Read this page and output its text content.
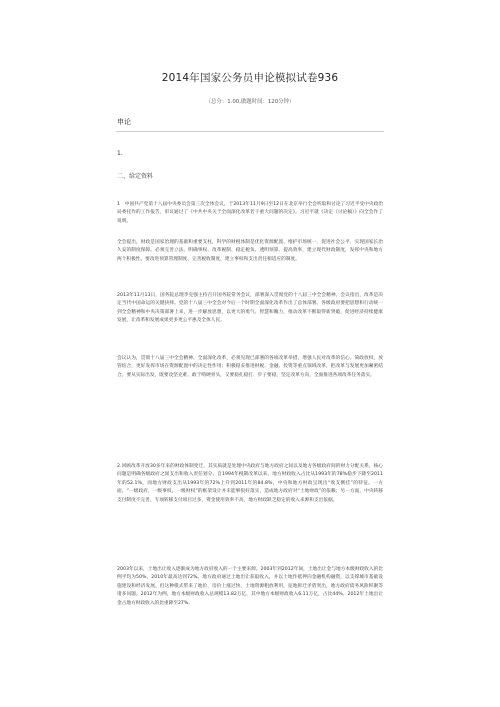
2014年国家公务员申论模拟试卷936
（总分：1.00,做题时间：120分钟）
申论
1.
二、给定资料

1　中国共产党第十八届中央委员会第三次全体会议，于2013年11月9日至12日在北京举行全会听取和讨论了习近平受中央政治局委托作的工作报告，审议通过了《中共中央关于全面深化改革若干重大问题的决定》。习近平就《决定（讨论稿）》向全会作了说明。

全会提出，财政是国家治理的基础和重要支柱，科学的财税体制是优化资源配置、维护市场统一、促进社会公平、实现国家长治久安的制度保障。必须完善立法、明确事权、改革税制、稳定税负、透明预算、提高效率，建立现代财政制度，发挥中央和地方两个积极性。要改进预算管理制度，完善税收制度，建立事权和支出责任相适应的制度。

2013年11月13日，国务院总理李克强主持召开国务院常务会议，部署深入贯彻党的十八届三中全会精神。会议指出，改革是决定当代中国命运的关键抉择。党的十八届三中全会对今后一个时期全面深化改革作出了总体部署。各级政府要把思想和行动统一到全会精神和中央决策部署上来，进一步解放思想，以更大的勇气、智慧和魄力，推动改革不断取得新突破，促进经济持续健康发展，让改革和发展成果更多更公平惠及全体人民。

会议认为，贯彻十八届三中全会精神、全面深化改革，必须见现已部署的各项改革举措，增强人民对改革的信心。简政放权，放管结合，更好发挥市场在资源配置中的决定性作用；积极稳妥推进财税、金融、投资等重点领域改革，把改革与发展更加紧密结合。要从实际出发，既要攻坚克难、敢于啃硬骨头，又要稳扎稳打、步子要稳，坚定改革方向，全面推进各项改革任务落实。

2.回顾改革开放30多年来的财政体制变迁，其实质就是处理中央政府与地方政府之间以及地方各级政府间的财力分配关系，核心问题是明确各级政府之间支出和收入责任划分。自1994年税制改革以来，地方财政收入占比从1993年的78%稳步下降至2011年的52.1%，而地方财政支出从1993年的72%上升到2011年的84.8%，中央和地方财政呈现出“收支倒挂”的特征。一方面，“一级政府，一级事权，一级财权”的框架设计并未能够很好落实，造成地方政府对“土地财政”的依赖；另一方面，中央转移支付制度不完善，专项转移支付项目过多，资金使用效率不高，地方财政缺乏稳定的收入来源和支出依据。

2003年以来，土地出让收入逐渐成为地方政府收入的一个主要来源。2003年到2012年间，土地出让金与地方本级财政收入的比例平均为50%，2010年最高达到72%。地方政府通过土地出让获取收入，并以土地作抵押向金融机构融资，以支撑城市基础设施建设和经济发展。但这种模式带来了地价、房价上涨过快，土地资源粗放利用，征地拆迁矛盾突出，地方政府债务风险积聚等诸多问题。2012年为例，地方本级财政收入总规模13.82万亿，其中地方本级财政收入6.11万亿，占比44%。2012年土地出让金占地方财政收入的比重降至27%。
